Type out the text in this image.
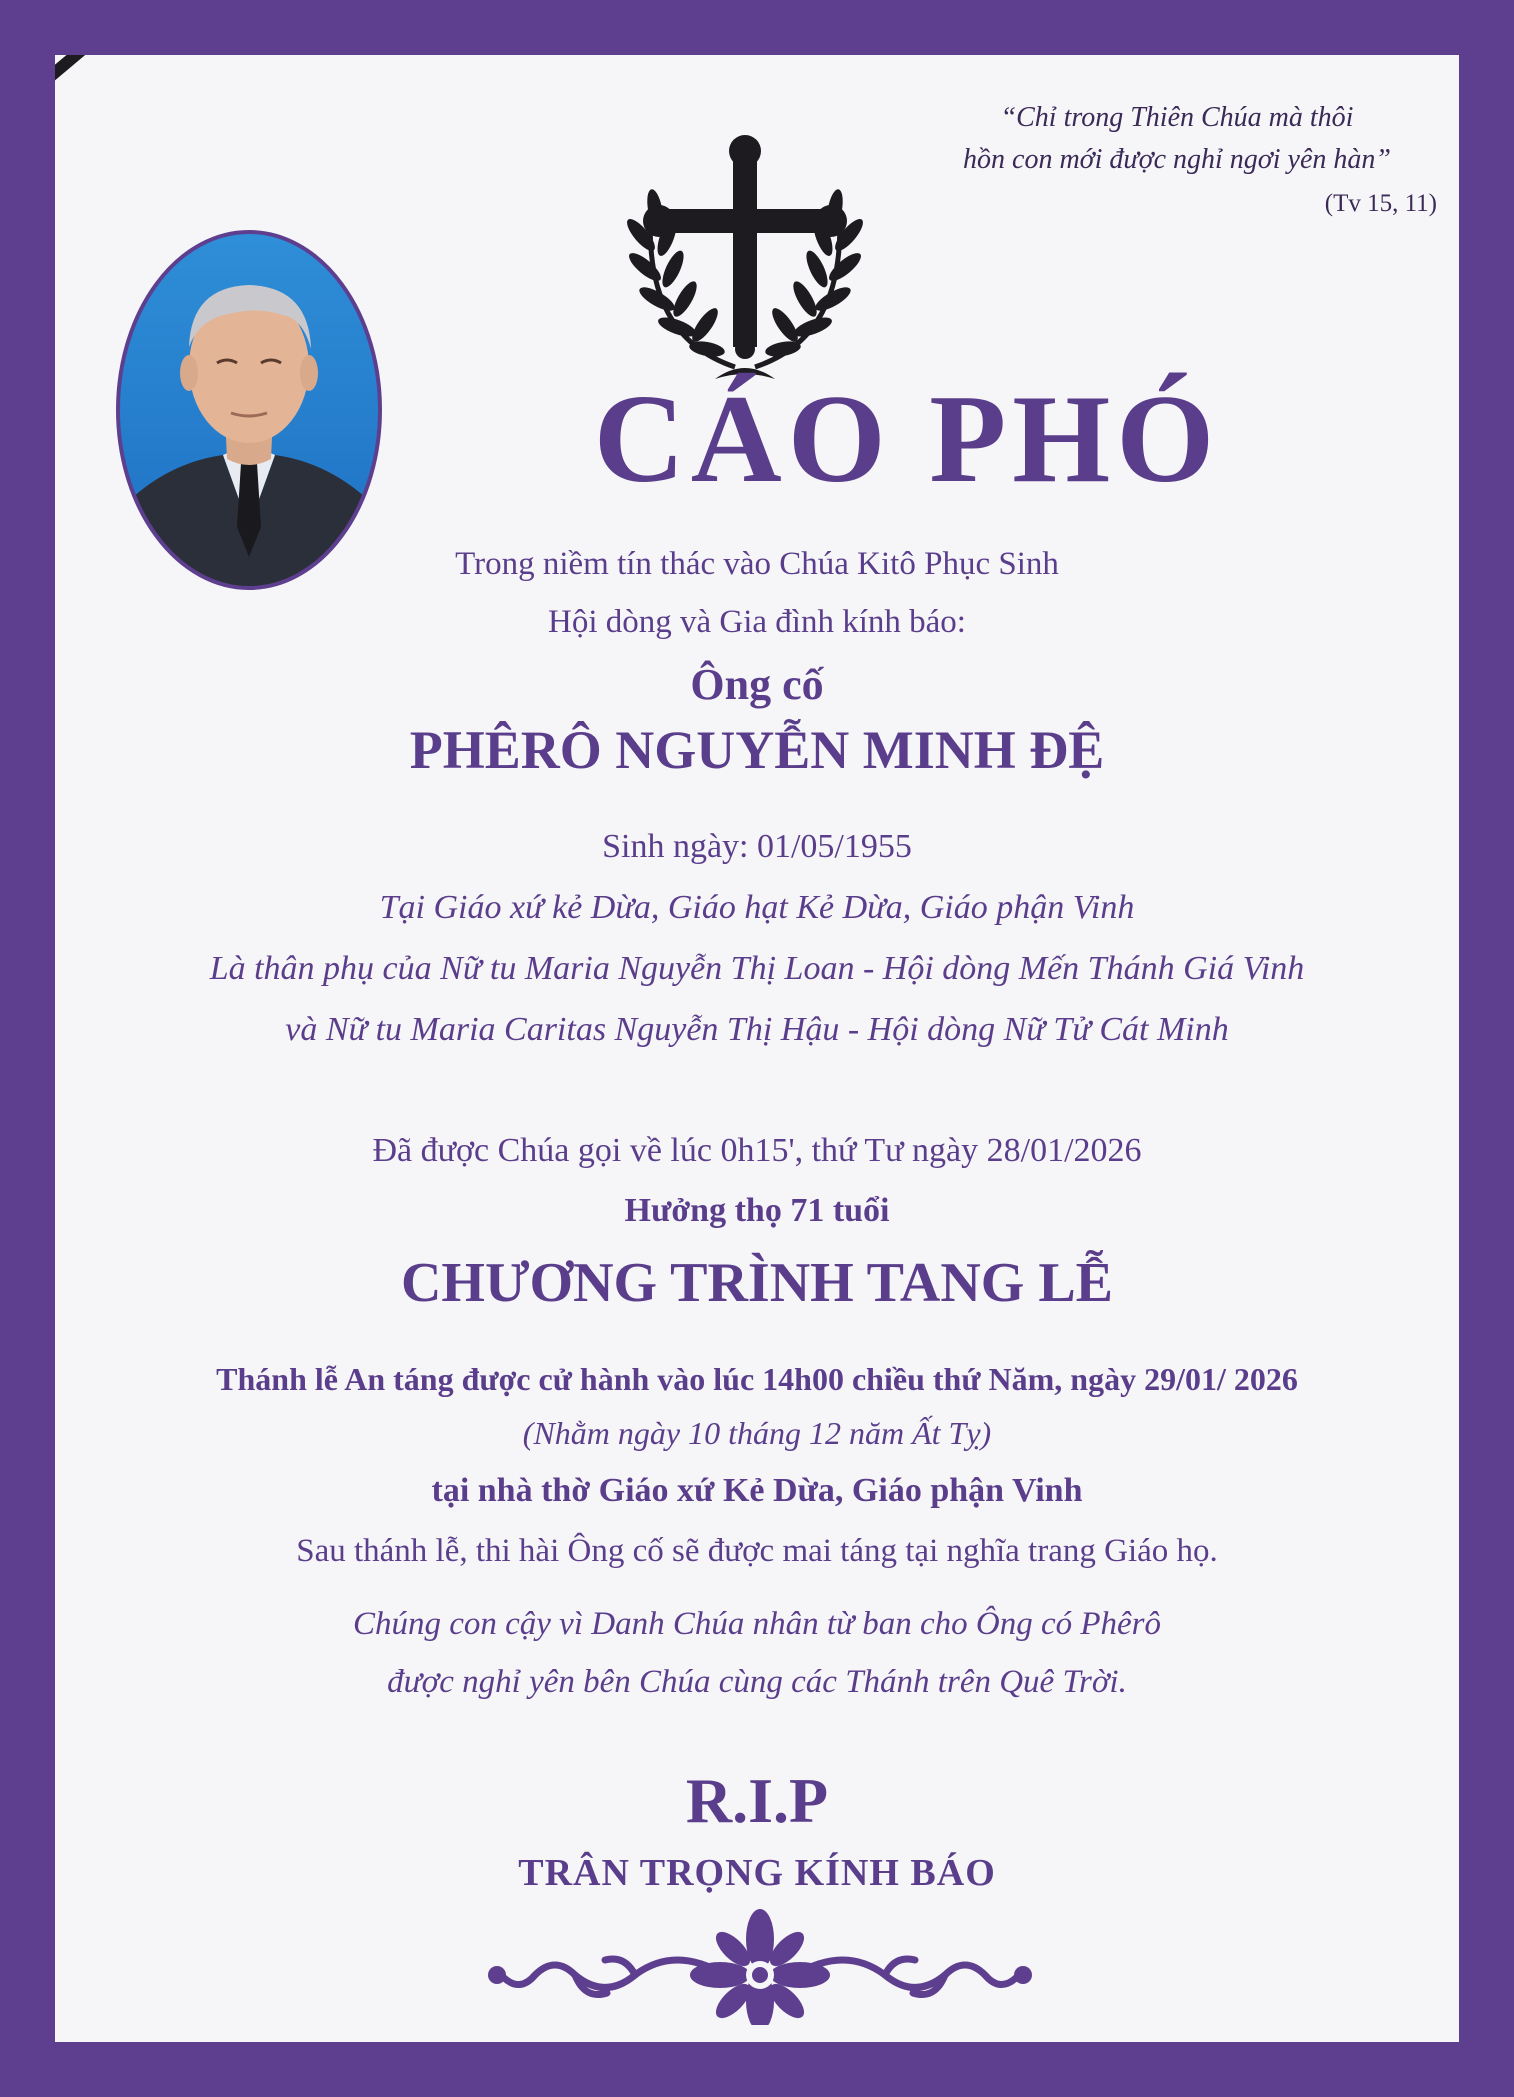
“Chỉ trong Thiên Chúa mà thôi
hồn con mới được nghỉ ngơi yên hàn”
(Tv 15, 11)
CÁO PHÓ
Trong niềm tín thác vào Chúa Kitô Phục Sinh
Hội dòng và Gia đình kính báo:
Ông cố
PHÊRÔ NGUYỄN MINH ĐỆ
Sinh ngày: 01/05/1955
Tại Giáo xứ kẻ Dừa, Giáo hạt Kẻ Dừa, Giáo phận Vinh
Là thân phụ của Nữ tu Maria Nguyễn Thị Loan - Hội dòng Mến Thánh Giá Vinh
và Nữ tu Maria Caritas Nguyễn Thị Hậu - Hội dòng Nữ Tử Cát Minh
Đã được Chúa gọi về lúc 0h15', thứ Tư ngày 28/01/2026
Hưởng thọ 71 tuổi
CHƯƠNG TRÌNH TANG LỄ
Thánh lễ An táng được cử hành vào lúc 14h00 chiều thứ Năm, ngày 29/01/ 2026
(Nhằm ngày 10 tháng 12 năm Ất Tỵ)
tại nhà thờ Giáo xứ Kẻ Dừa, Giáo phận Vinh
Sau thánh lễ, thi hài Ông cố sẽ được mai táng tại nghĩa trang Giáo họ.
Chúng con cậy vì Danh Chúa nhân từ ban cho Ông có Phêrô
được nghỉ yên bên Chúa cùng các Thánh trên Quê Trời.
R.I.P
TRÂN TRỌNG KÍNH BÁO
